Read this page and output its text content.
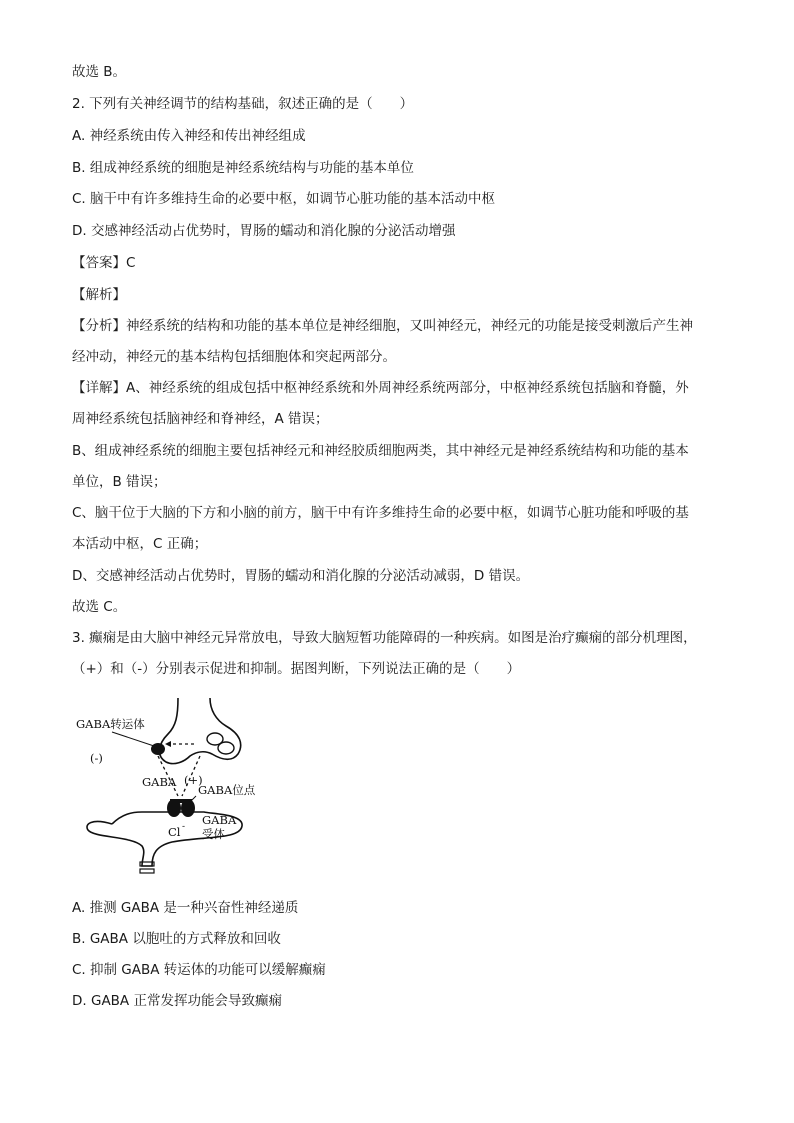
故选 B。
2. 下列有关神经调节的结构基础，叙述正确的是（　　）
A. 神经系统由传入神经和传出神经组成
B. 组成神经系统的细胞是神经系统结构与功能的基本单位
C. 脑干中有许多维持生命的必要中枢，如调节心脏功能的基本活动中枢
D. 交感神经活动占优势时，胃肠的蠕动和消化腺的分泌活动增强
【答案】C
【解析】
【分析】神经系统的结构和功能的基本单位是神经细胞，又叫神经元，神经元的功能是接受刺激后产生神
经冲动，神经元的基本结构包括细胞体和突起两部分。
【详解】A、神经系统的组成包括中枢神经系统和外周神经系统两部分，中枢神经系统包括脑和脊髓，外
周神经系统包括脑神经和脊神经，A 错误；
B、组成神经系统的细胞主要包括神经元和神经胶质细胞两类，其中神经元是神经系统结构和功能的基本
单位，B 错误；
C、脑干位于大脑的下方和小脑的前方，脑干中有许多维持生命的必要中枢，如调节心脏功能和呼吸的基
本活动中枢，C 正确；
D、交感神经活动占优势时，胃肠的蠕动和消化腺的分泌活动减弱，D 错误。
故选 C。
3. 癫痫是由大脑中神经元异常放电，导致大脑短暂功能障碍的一种疾病。如图是治疗癫痫的部分机理图，
（+）和（-）分别表示促进和抑制。据图判断，下列说法正确的是（　　）
GABA转运体
(-)
(+)
GABA
GABA位点
GABA
受体
Cl -
A. 推测 GABA 是一种兴奋性神经递质
B. GABA 以胞吐的方式释放和回收
C. 抑制 GABA 转运体的功能可以缓解癫痫
D. GABA 正常发挥功能会导致癫痫
